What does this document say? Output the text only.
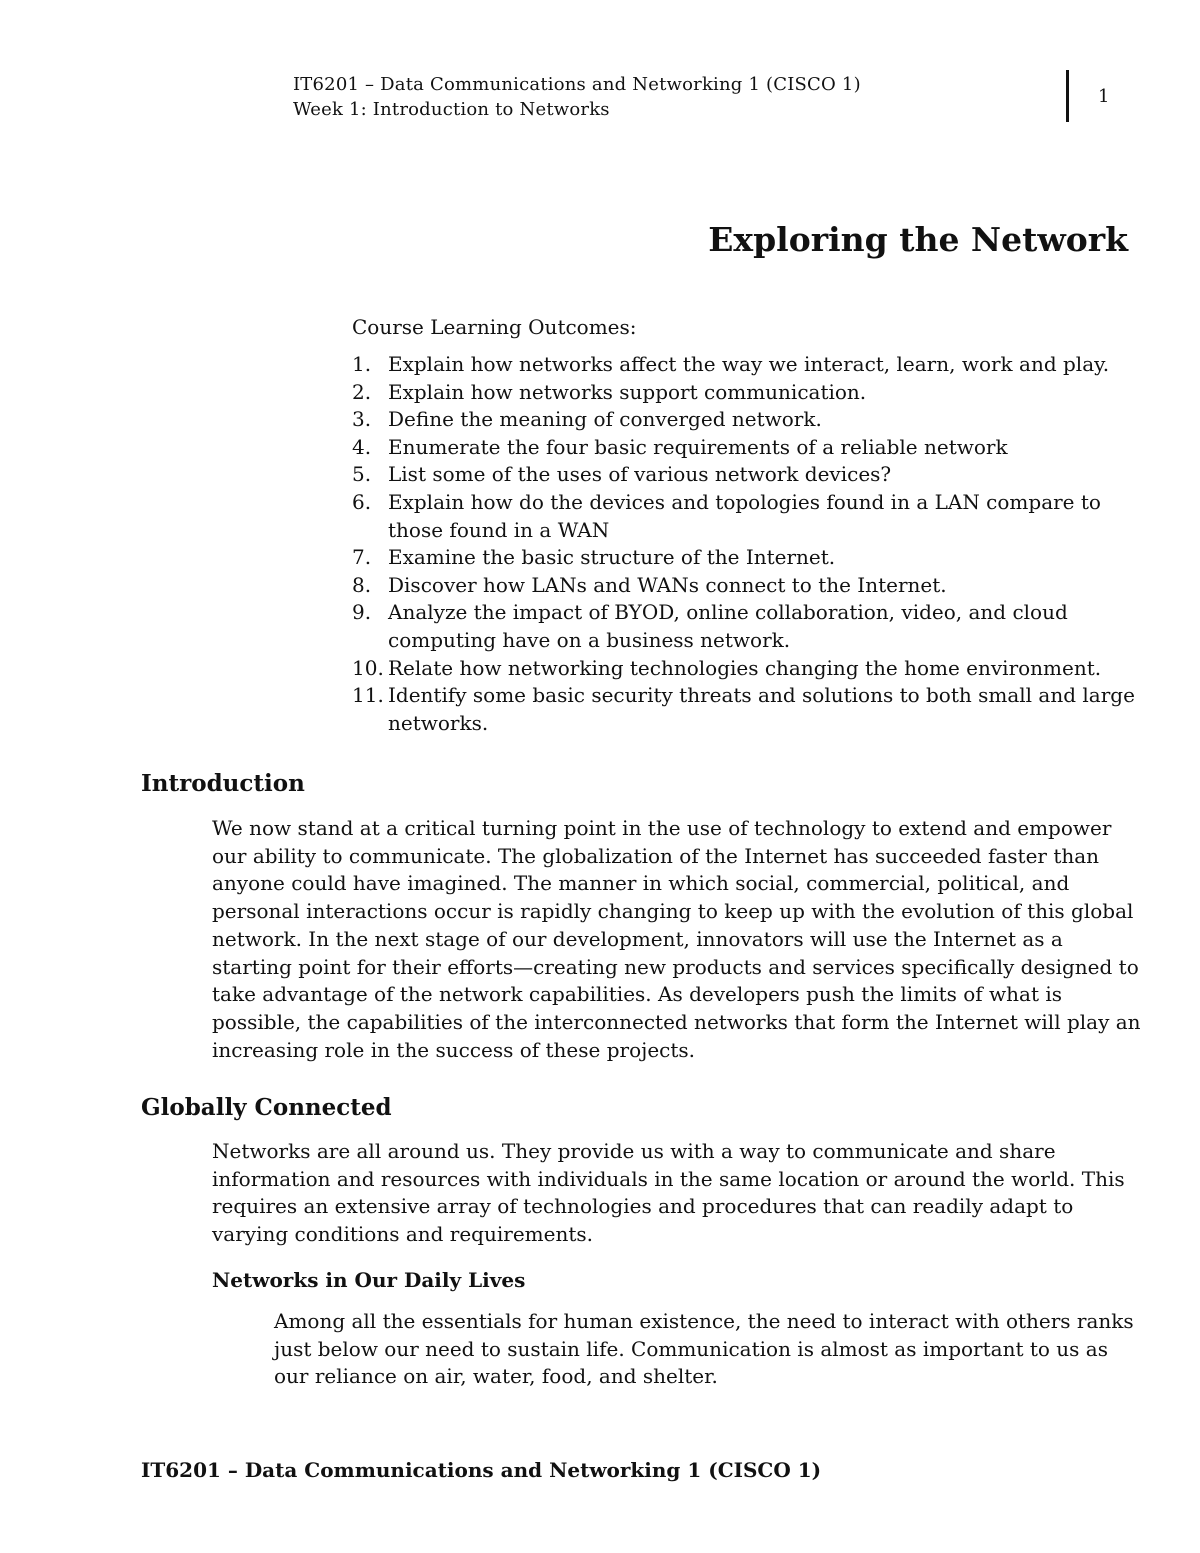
IT6201 – Data Communications and Networking 1 (CISCO 1)
Week 1: Introduction to Networks
1
Exploring the Network

Course Learning Outcomes:

1. Explain how networks affect the way we interact, learn, work and play.
2. Explain how networks support communication.
3. Define the meaning of converged network.
4. Enumerate the four basic requirements of a reliable network
5. List some of the uses of various network devices?
6. Explain how do the devices and topologies found in a LAN compare to those found in a WAN
7. Examine the basic structure of the Internet.
8. Discover how LANs and WANs connect to the Internet.
9. Analyze the impact of BYOD, online collaboration, video, and cloud computing have on a business network.
10. Relate how networking technologies changing the home environment.
11. Identify some basic security threats and solutions to both small and large networks.
Introduction

We now stand at a critical turning point in the use of technology to extend and empower our ability to communicate. The globalization of the Internet has succeeded faster than anyone could have imagined. The manner in which social, commercial, political, and personal interactions occur is rapidly changing to keep up with the evolution of this global network. In the next stage of our development, innovators will use the Internet as a starting point for their efforts—creating new products and services specifically designed to take advantage of the network capabilities. As developers push the limits of what is possible, the capabilities of the interconnected networks that form the Internet will play an increasing role in the success of these projects.

Globally Connected

Networks are all around us. They provide us with a way to communicate and share information and resources with individuals in the same location or around the world. This requires an extensive array of technologies and procedures that can readily adapt to varying conditions and requirements.

Networks in Our Daily Lives

Among all the essentials for human existence, the need to interact with others ranks just below our need to sustain life. Communication is almost as important to us as our reliance on air, water, food, and shelter.

IT6201 – Data Communications and Networking 1 (CISCO 1)
